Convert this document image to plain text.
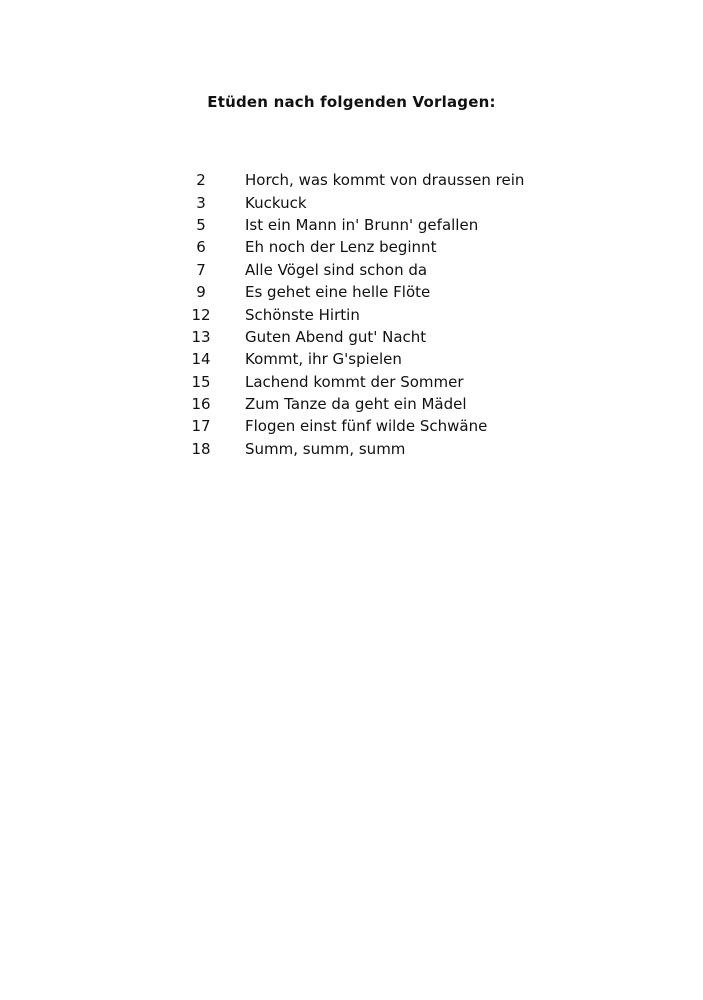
Etüden nach folgenden Vorlagen:
2	Horch, was kommt von draussen rein
3	Kuckuck
5	Ist ein Mann in' Brunn' gefallen
6	Eh noch der Lenz beginnt
7	Alle Vögel sind schon da
9	Es gehet eine helle Flöte
12	Schönste Hirtin
13	Guten Abend gut' Nacht
14	Kommt, ihr G'spielen
15	Lachend kommt der Sommer
16	Zum Tanze da geht ein Mädel
17	Flogen einst fünf wilde Schwäne
18	Summ, summ, summ
